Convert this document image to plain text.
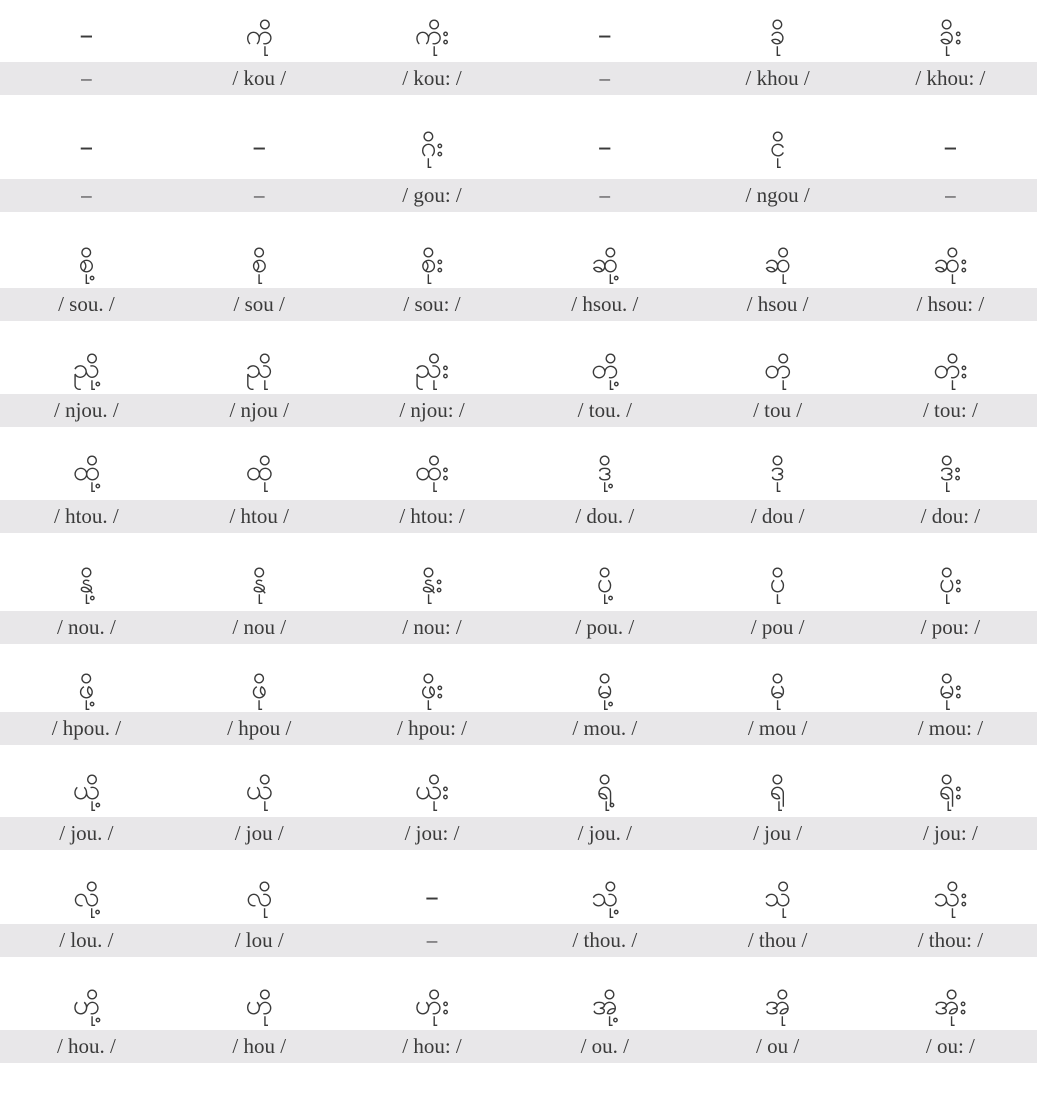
–	ကို	ကိုး	–	ခို	ခိုး
–	/ kou /	/ kou: /	–	/ khou /	/ khou: /
–	–	ဂိုး	–	ငို	–
–	–	/ gou: /	–	/ ngou /	–
စို့	စို	စိုး	ဆို့	ဆို	ဆိုး
/ sou. /	/ sou /	/ sou: /	/ hsou. /	/ hsou /	/ hsou: /
ညို့	ညို	ညိုး	တို့	တို	တိုး
/ njou. /	/ njou /	/ njou: /	/ tou. /	/ tou /	/ tou: /
ထို့	ထို	ထိုး	ဒို့	ဒို	ဒိုး
/ htou. /	/ htou /	/ htou: /	/ dou. /	/ dou /	/ dou: /
နို့	နို	နိုး	ပို့	ပို	ပိုး
/ nou. /	/ nou /	/ nou: /	/ pou. /	/ pou /	/ pou: /
ဖို့	ဖို	ဖိုး	မို့	မို	မိုး
/ hpou. /	/ hpou /	/ hpou: /	/ mou. /	/ mou /	/ mou: /
ယို့	ယို	ယိုး	ရို့	ရို	ရိုး
/ jou. /	/ jou /	/ jou: /	/ jou. /	/ jou /	/ jou: /
လို့	လို	–	သို့	သို	သိုး
/ lou. /	/ lou /	–	/ thou. /	/ thou /	/ thou: /
ဟို့	ဟို	ဟိုး	အို့	အို	အိုး
/ hou. /	/ hou /	/ hou: /	/ ou. /	/ ou /	/ ou: /
